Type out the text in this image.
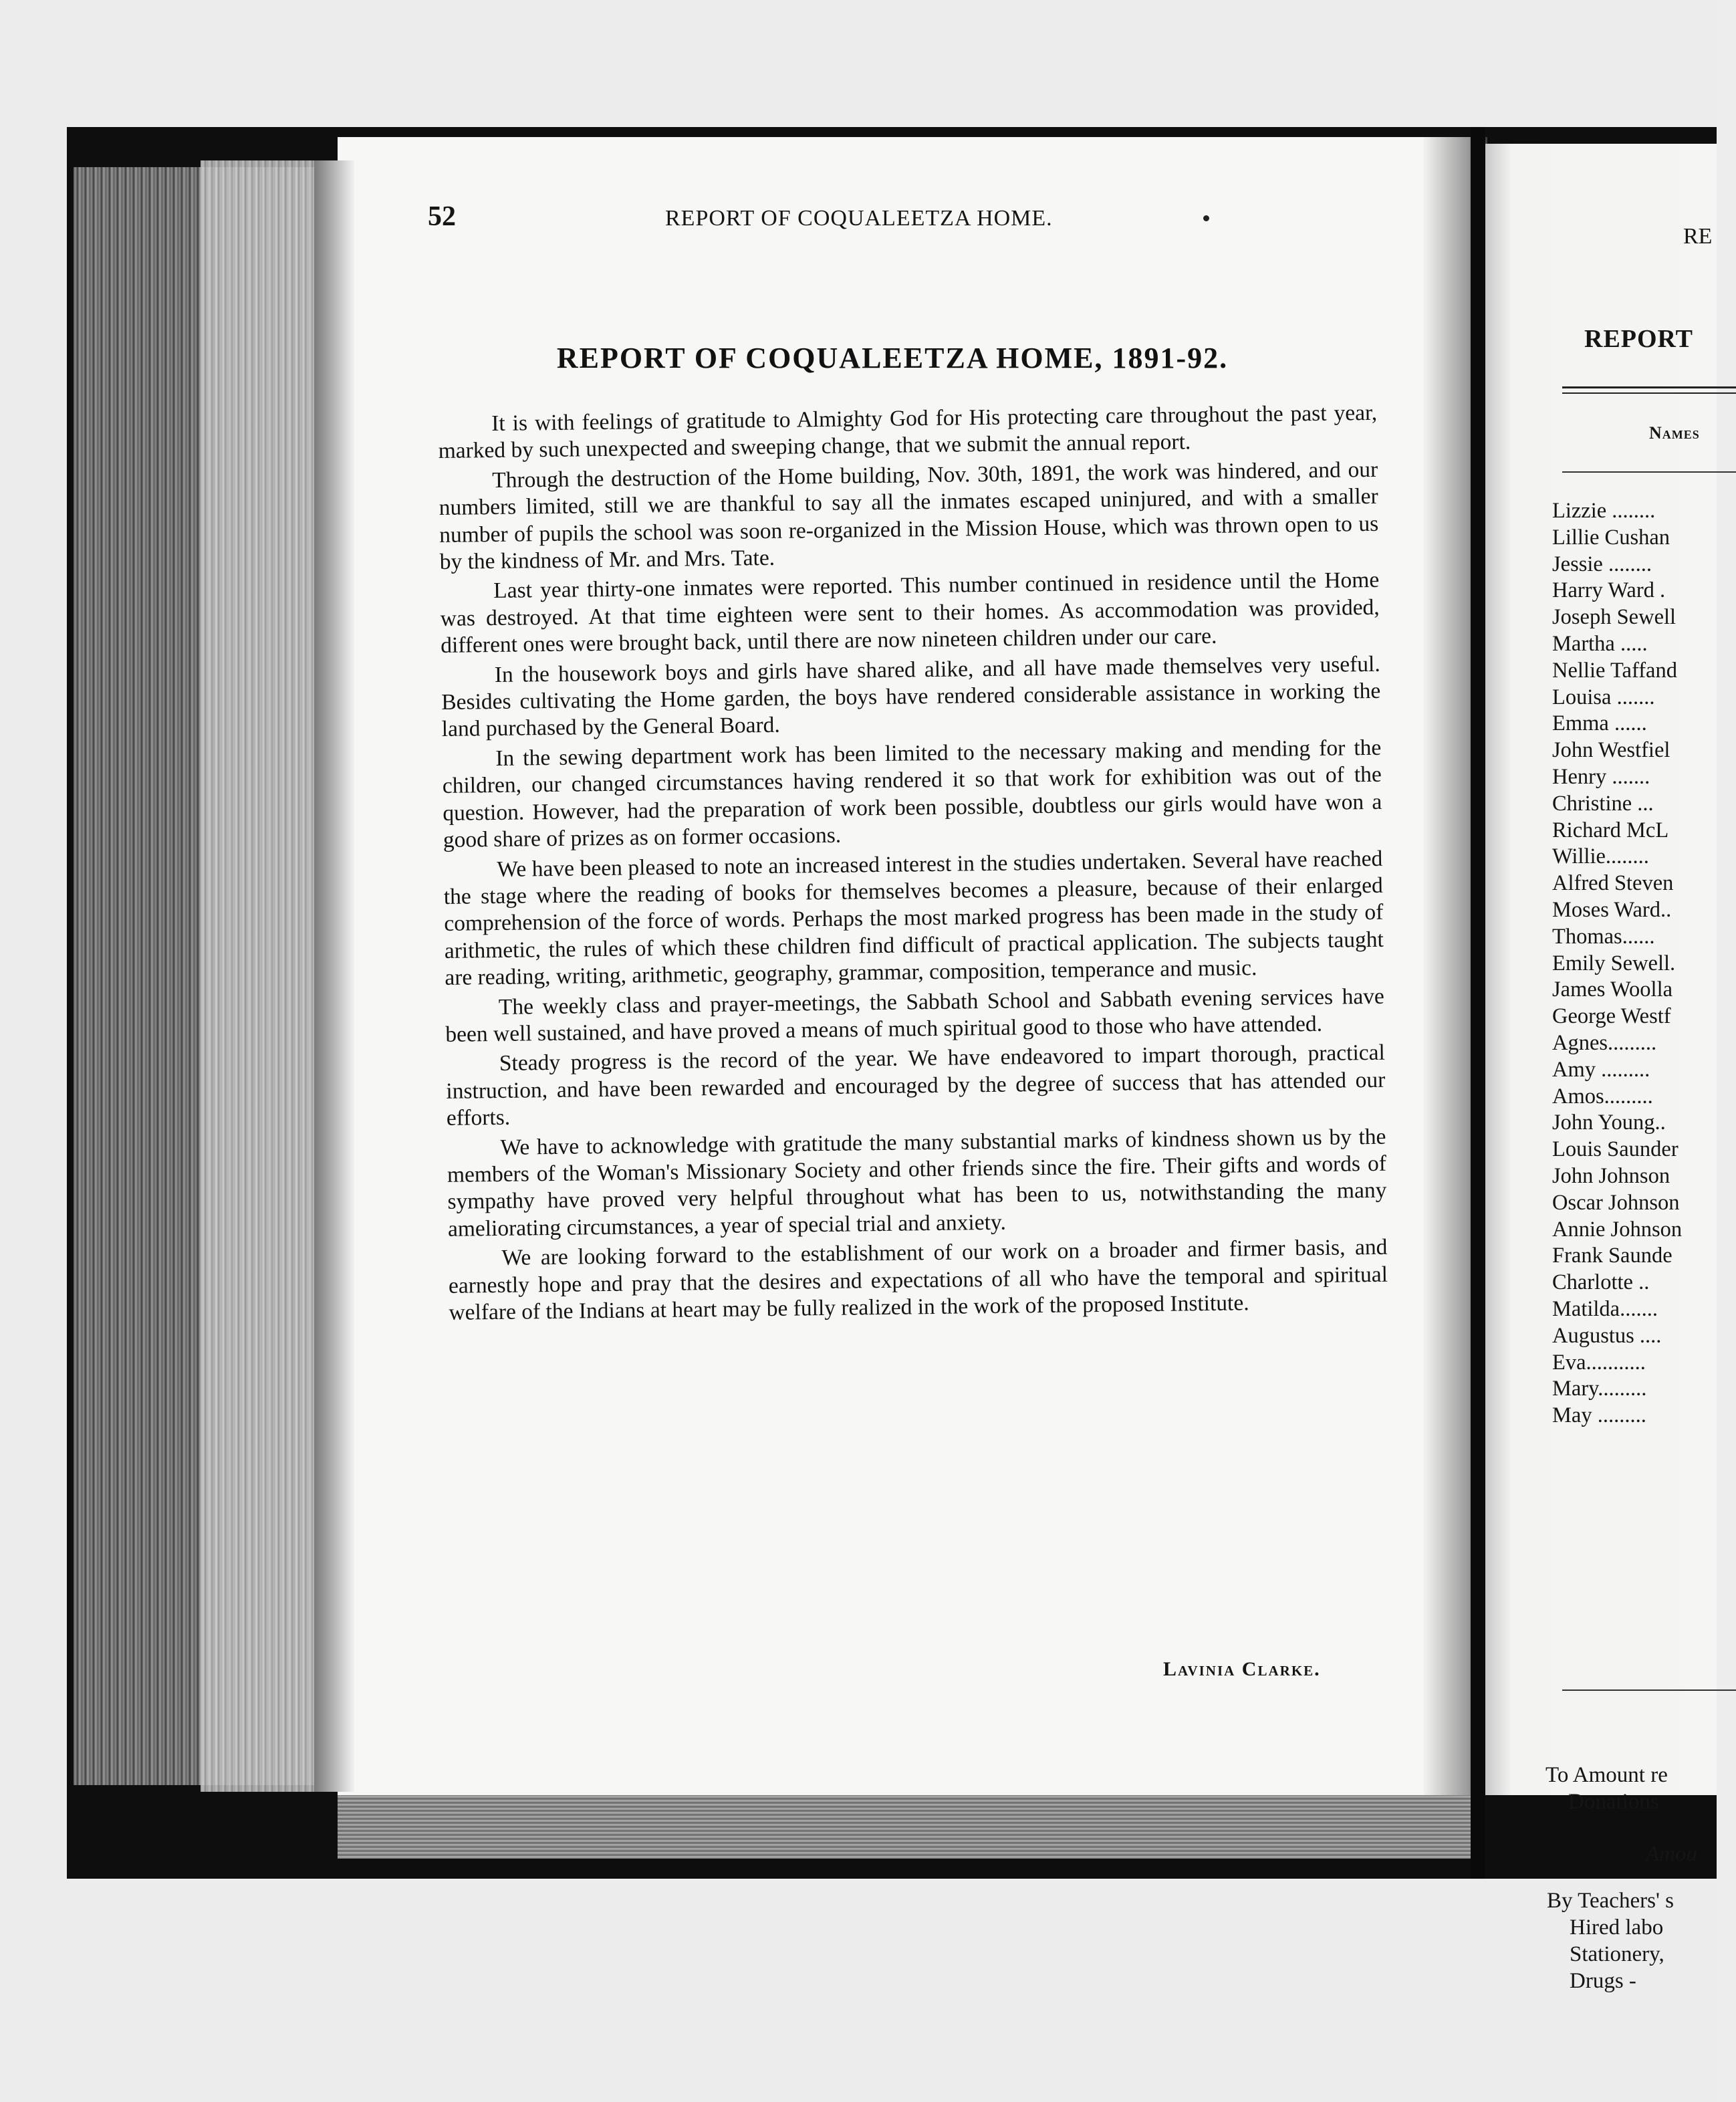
52	REPORT OF COQUALEETZA HOME.
REPORT OF COQUALEETZA HOME, 1891-92.

It is with feelings of gratitude to Almighty God for His protecting care throughout the past year, marked by such unexpected and sweeping change, that we submit the annual report.

Through the destruction of the Home building, Nov. 30th, 1891, the work was hindered, and our numbers limited, still we are thankful to say all the inmates escaped uninjured, and with a smaller number of pupils the school was soon re-organized in the Mission House, which was thrown open to us by the kindness of Mr. and Mrs. Tate.

Last year thirty-one inmates were reported. This number continued in residence until the Home was destroyed. At that time eighteen were sent to their homes. As accommodation was provided, different ones were brought back, until there are now nineteen children under our care.

In the housework boys and girls have shared alike, and all have made themselves very useful. Besides cultivating the Home garden, the boys have rendered considerable assistance in working the land purchased by the General Board.

In the sewing department work has been limited to the necessary making and mending for the children, our changed circumstances having rendered it so that work for exhibition was out of the question. However, had the preparation of work been possible, doubtless our girls would have won a good share of prizes as on former occasions.

We have been pleased to note an increased interest in the studies undertaken. Several have reached the stage where the reading of books for themselves becomes a pleasure, because of their enlarged comprehension of the force of words. Perhaps the most marked progress has been made in the study of arithmetic, the rules of which these children find difficult of practical application. The subjects taught are reading, writing, arithmetic, geography, grammar, composition, temperance and music.

The weekly class and prayer-meetings, the Sabbath School and Sabbath evening services have been well sustained, and have proved a means of much spiritual good to those who have attended.

Steady progress is the record of the year. We have endeavored to impart thorough, practical instruction, and have been rewarded and encouraged by the degree of success that has attended our efforts.

We have to acknowledge with gratitude the many substantial marks of kindness shown us by the members of the Woman's Missionary Society and other friends since the fire. Their gifts and words of sympathy have proved very helpful throughout what has been to us, notwithstanding the many ameliorating circumstances, a year of special trial and anxiety.

We are looking forward to the establishment of our work on a broader and firmer basis, and earnestly hope and pray that the desires and expectations of all who have the temporal and spiritual welfare of the Indians at heart may be fully realized in the work of the proposed Institute.

Lavinia Clarke.
RE
REPORT
Names
Lizzie ........
Lillie Cushan
Jessie ........
Harry Ward .
Joseph Sewell
Martha .....
Nellie Taffand
Louisa .......
Emma ......
John Westfiel
Henry .......
Christine ...
Richard McL
Willie........
Alfred Steven
Moses Ward..
Thomas......
Emily Sewell.
James Woolla
George Westf
Agnes.........
Amy .........
Amos.........
John Young..
Louis Saunder
John Johnson
Oscar Johnson
Annie Johnson
Frank Saunde
Charlotte ..
Matilda.......
Augustus ....
Eva...........
Mary.........
May .........
To Amount re
Donations
Amou
By Teachers' s
Hired labo
Stationery,
Drugs -
